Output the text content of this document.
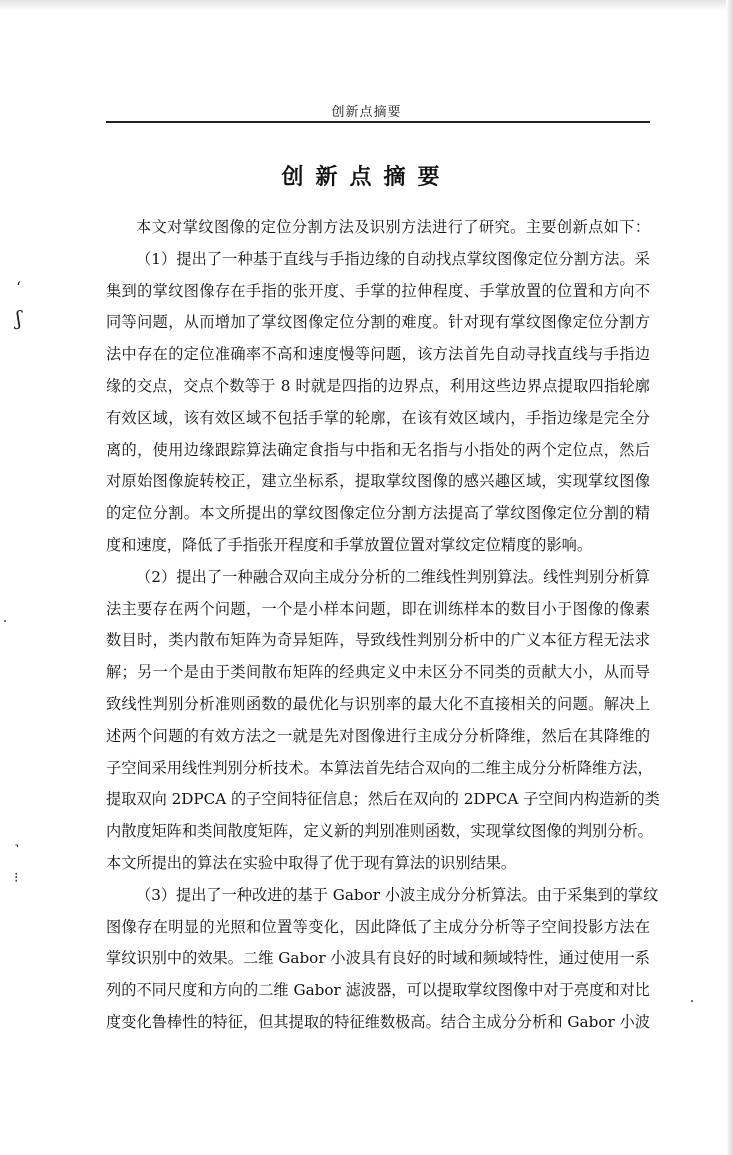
创新点摘要
创新点摘要
本文对掌纹图像的定位分割方法及识别方法进行了研究。主要创新点如下：
（1）提出了一种基于直线与手指边缘的自动找点掌纹图像定位分割方法。采
集到的掌纹图像存在手指的张开度、手掌的拉伸程度、手掌放置的位置和方向不
同等问题，从而增加了掌纹图像定位分割的难度。针对现有掌纹图像定位分割方
法中存在的定位准确率不高和速度慢等问题，该方法首先自动寻找直线与手指边
缘的交点，交点个数等于 8 时就是四指的边界点，利用这些边界点提取四指轮廓
有效区域，该有效区域不包括手掌的轮廓，在该有效区域内，手指边缘是完全分
离的，使用边缘跟踪算法确定食指与中指和无名指与小指处的两个定位点，然后
对原始图像旋转校正，建立坐标系，提取掌纹图像的感兴趣区域，实现掌纹图像
的定位分割。本文所提出的掌纹图像定位分割方法提高了掌纹图像定位分割的精
度和速度，降低了手指张开程度和手掌放置位置对掌纹定位精度的影响。
（2）提出了一种融合双向主成分分析的二维线性判别算法。线性判别分析算
法主要存在两个问题，一个是小样本问题，即在训练样本的数目小于图像的像素
数目时，类内散布矩阵为奇异矩阵，导致线性判别分析中的广义本征方程无法求
解；另一个是由于类间散布矩阵的经典定义中未区分不同类的贡献大小，从而导
致线性判别分析准则函数的最优化与识别率的最大化不直接相关的问题。解决上
述两个问题的有效方法之一就是先对图像进行主成分分析降维，然后在其降维的
子空间采用线性判别分析技术。本算法首先结合双向的二维主成分分析降维方法，
提取双向 2DPCA 的子空间特征信息；然后在双向的 2DPCA 子空间内构造新的类
内散度矩阵和类间散度矩阵，定义新的判别准则函数，实现掌纹图像的判别分析。
本文所提出的算法在实验中取得了优于现有算法的识别结果。
（3）提出了一种改进的基于 Gabor 小波主成分分析算法。由于采集到的掌纹
图像存在明显的光照和位置等变化，因此降低了主成分分析等子空间投影方法在
掌纹识别中的效果。二维 Gabor 小波具有良好的时域和频域特性，通过使用一系
列的不同尺度和方向的二维 Gabor 滤波器，可以提取掌纹图像中对于亮度和对比
度变化鲁棒性的特征，但其提取的特征维数极高。结合主成分分析和 Gabor 小波
ʻ
ʃ
˺
⁝
